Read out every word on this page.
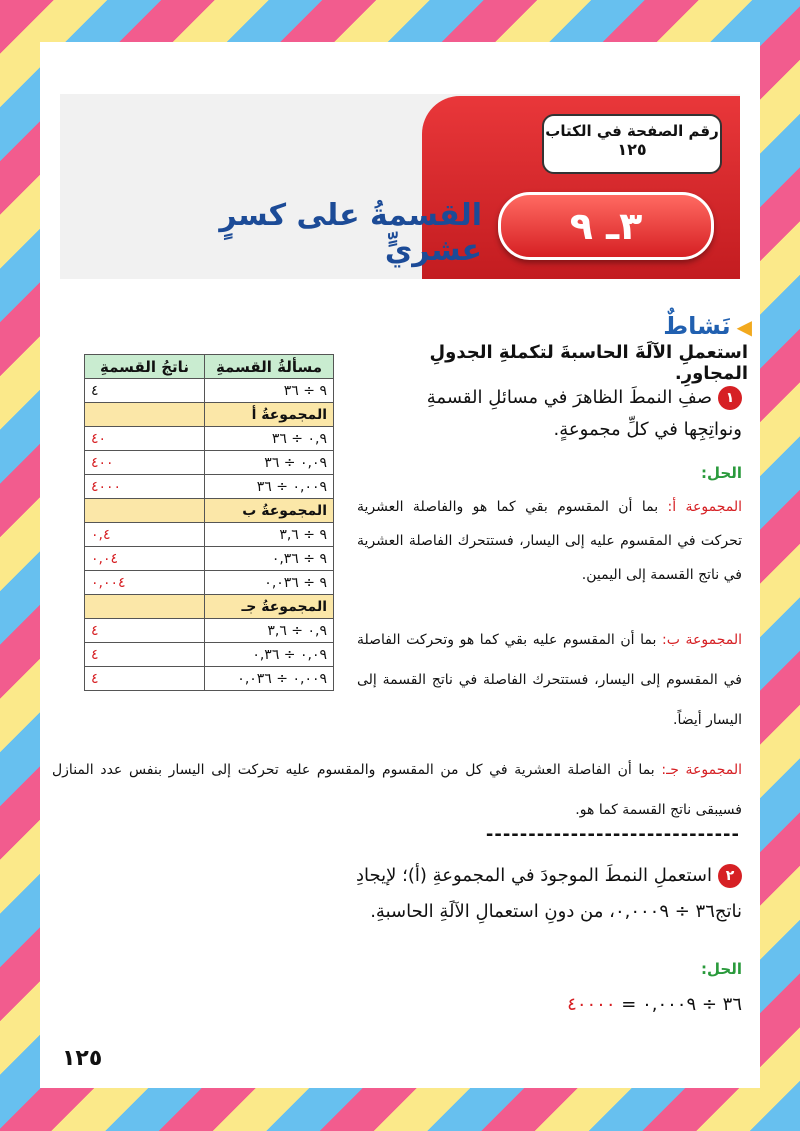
رقم الصفحة في الكتاب
١٢٥
٣ـ ٩
القسمةُ على كسرٍ عشريٍّ
◀نَشاطٌ
استعملِ الآلَةَ الحاسبةَ لتكملةِ الجدولِ المجاورِ.
١صفِ النمطَ الظاهرَ في مسائلِ القسمةِ ونواتِجِها في كلِّ مجموعةٍ.
الحل:
المجموعة أ: بما أن المقسوم بقي كما هو والفاصلة العشرية تحركت في المقسوم عليه إلى اليسار، فستتحرك الفاصلة العشرية في ناتج القسمة إلى اليمين.
المجموعة ب: بما أن المقسوم عليه بقي كما هو وتحركت الفاصلة في المقسوم إلى اليسار، فستتحرك الفاصلة في ناتج القسمة إلى اليسار أيضاً.
المجموعة جـ: بما أن الفاصلة العشرية في كل من المقسوم والمقسوم عليه تحركت إلى اليسار بنفس عدد المنازل فسيبقى ناتج القسمة كما هو.
------------------------------
٢استعملِ النمطَ الموجودَ في المجموعةِ (أ)؛ لإيجادِ ناتج٣٦ ÷ ٠,٠٠٠٩، من دونِ استعمالِ الآلَةِ الحاسبةِ.
الحل:
٣٦ ÷ ٠,٠٠٠٩ = ٤٠٠٠٠
١٢٥
مسألةُ القسمةِ	ناتجُ القسمةِ
٩ ÷ ٣٦	٤
المجموعةُ أ	
٠,٩ ÷ ٣٦	٤٠
٠,٠٩ ÷ ٣٦	٤٠٠
٠,٠٠٩ ÷ ٣٦	٤٠٠٠
المجموعةُ ب	
٩ ÷ ٣,٦	٠,٤
٩ ÷ ٠,٣٦	٠,٠٤
٩ ÷ ٠,٠٣٦	٠,٠٠٤
المجموعةُ جـ	
٠,٩ ÷ ٣,٦	٤
٠,٠٩ ÷ ٠,٣٦	٤
٠,٠٠٩ ÷ ٠,٠٣٦	٤
